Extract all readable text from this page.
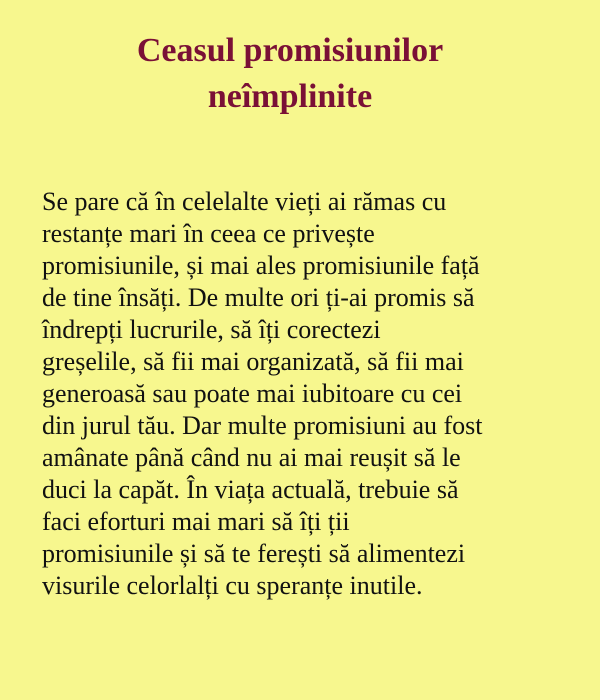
Ceasul promisiunilor
neîmplinite
Se pare că în celelalte vieți ai rămas cu
restanțe mari în ceea ce privește
promisiunile, și mai ales promisiunile față
de tine însăți. De multe ori ți-ai promis să
îndrepți lucrurile, să îți corectezi
greșelile, să fii mai organizată, să fii mai
generoasă sau poate mai iubitoare cu cei
din jurul tău. Dar multe promisiuni au fost
amânate până când nu ai mai reușit să le
duci la capăt. În viața actuală, trebuie să
faci eforturi mai mari să îți ții
promisiunile și să te ferești să alimentezi
visurile celorlalți cu speranțe inutile.
